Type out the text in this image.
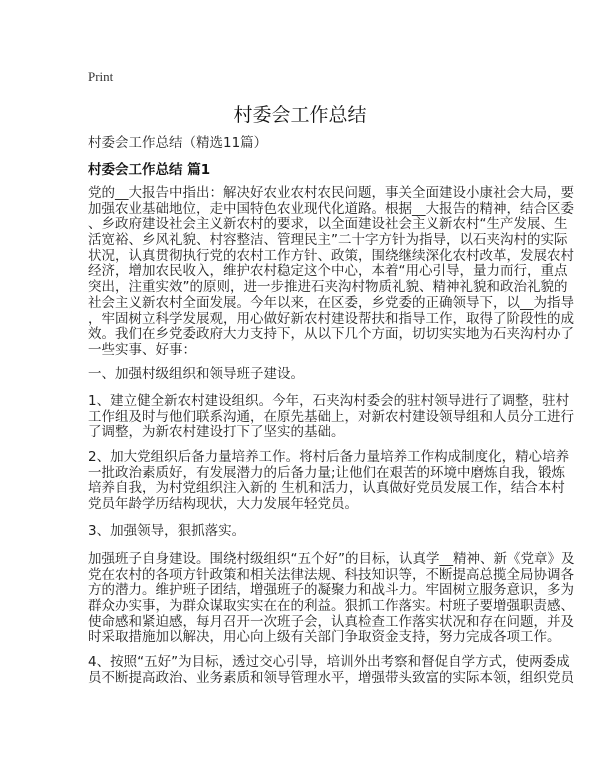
Print
村委会工作总结
村委会工作总结（精选11篇）
村委会工作总结 篇1
党的__大报告中指出：解决好农业农村农民问题，事关全面建设小康社会大局，要
加强农业基础地位，走中国特色农业现代化道路。根据__大报告的精神，结合区委
、乡政府建设社会主义新农村的要求，以全面建设社会主义新农村“生产发展、生
活宽裕、乡风礼貌、村容整洁、管理民主”二十字方针为指导，以石夹沟村的实际
状况，认真贯彻执行党的农村工作方针、政策，围绕继续深化农村改革，发展农村
经济，增加农民收入，维护农村稳定这个中心，本着“用心引导，量力而行，重点
突出，注重实效”的原则，进一步推进石夹沟村物质礼貌、精神礼貌和政治礼貌的
社会主义新农村全面发展。今年以来，在区委，乡党委的正确领导下，以__为指导
，牢固树立科学发展观，用心做好新农村建设帮扶和指导工作，取得了阶段性的成
效。我们在乡党委政府大力支持下，从以下几个方面，切切实实地为石夹沟村办了
一些实事、好事：
一、加强村级组织和领导班子建设。
1、建立健全新农村建设组织。今年，石夹沟村委会的驻村领导进行了调整，驻村
工作组及时与他们联系沟通，在原先基础上，对新农村建设领导组和人员分工进行
了调整，为新农村建设打下了坚实的基础。
2、加大党组织后备力量培养工作。将村后备力量培养工作构成制度化，精心培养
一批政治素质好，有发展潜力的后备力量;让他们在艰苦的环境中磨炼自我，锻炼
培养自我，为村党组织注入新的 生机和活力，认真做好党员发展工作，结合本村
党员年龄学历结构现状，大力发展年轻党员。
3、加强领导，狠抓落实。
加强班子自身建设。围绕村级组织“五个好”的目标，认真学__精神、新《党章》及
党在农村的各项方针政策和相关法律法规、科技知识等，不断提高总揽全局协调各
方的潜力。维护班子团结，增强班子的凝聚力和战斗力。牢固树立服务意识，多为
群众办实事，为群众谋取实实在在的利益。狠抓工作落实。村班子要增强职责感、
使命感和紧迫感，每月召开一次班子会，认真检查工作落实状况和存在问题，并及
时采取措施加以解决，用心向上级有关部门争取资金支持，努力完成各项工作。
4、按照“五好”为目标，透过交心引导，培训外出考察和督促自学方式，使两委成
员不断提高政治、业务素质和领导管理水平，增强带头致富的实际本领，组织党员
